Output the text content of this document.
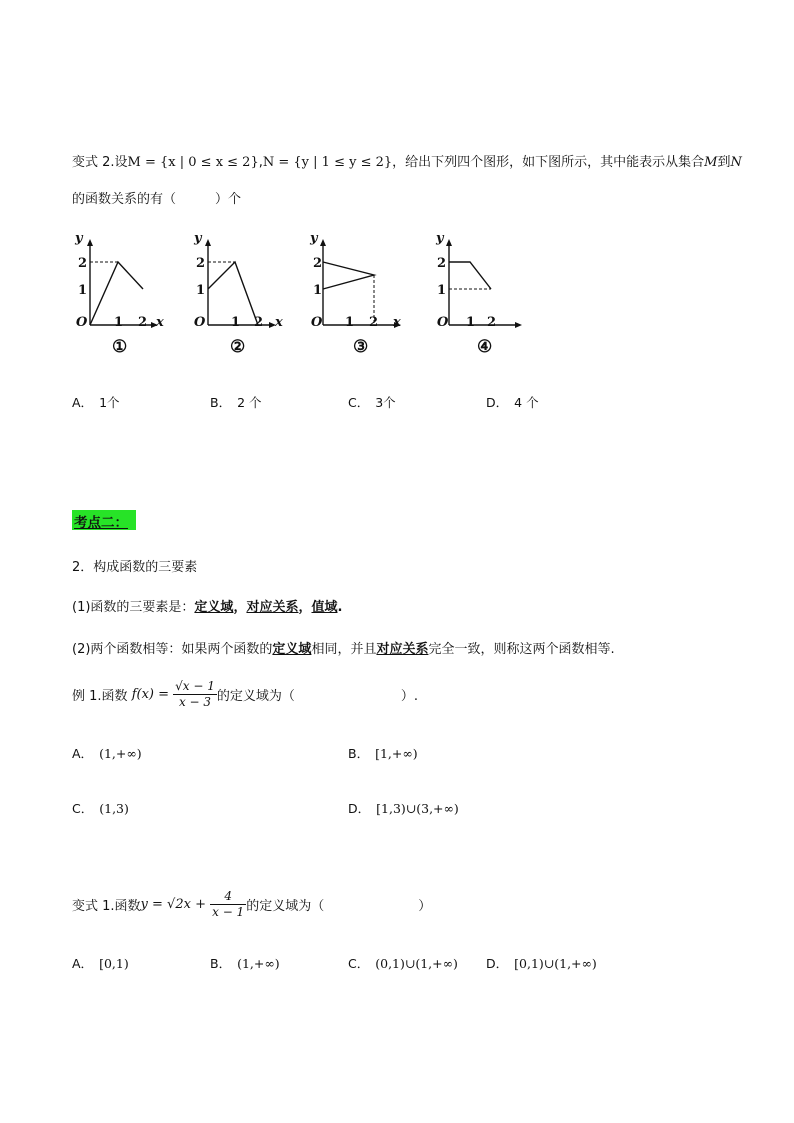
变式 2.设M = {x | 0 ≤ x ≤ 2},N = {y | 1 ≤ y ≤ 2}，给出下列四个图形，如下图所示，其中能表示从集合M到N
的函数关系的有（　　　）个
y
x
O
2
1
1 2
①
y
x
O
2
1
1 2
②
y
x
O
2
1
1 2
③
y
O
2
1
1 2
④
A． 1个	B． 2 个	C． 3个	D． 4 个
考点二：
2．构成函数的三要素
(1)函数的三要素是：定义域，对应关系，值域.
(2)两个函数相等：如果两个函数的定义域相同，并且对应关系完全一致，则称这两个函数相等.
例 1.函数 $f(x) = \frac{√x - 1}{x - 3}$ 的定义域为（	）.
A． (1,+∞)	B． [1,+∞)
C． (1,3)	D． [1,3)∪(3,+∞)
变式 1.函数$y = √2x + \frac{4}{x - 1}$ 的定义域为（	）
A． [0,1)	B． (1,+∞)	C． (0,1)∪(1,+∞) D． [0,1)∪(1,+∞)
